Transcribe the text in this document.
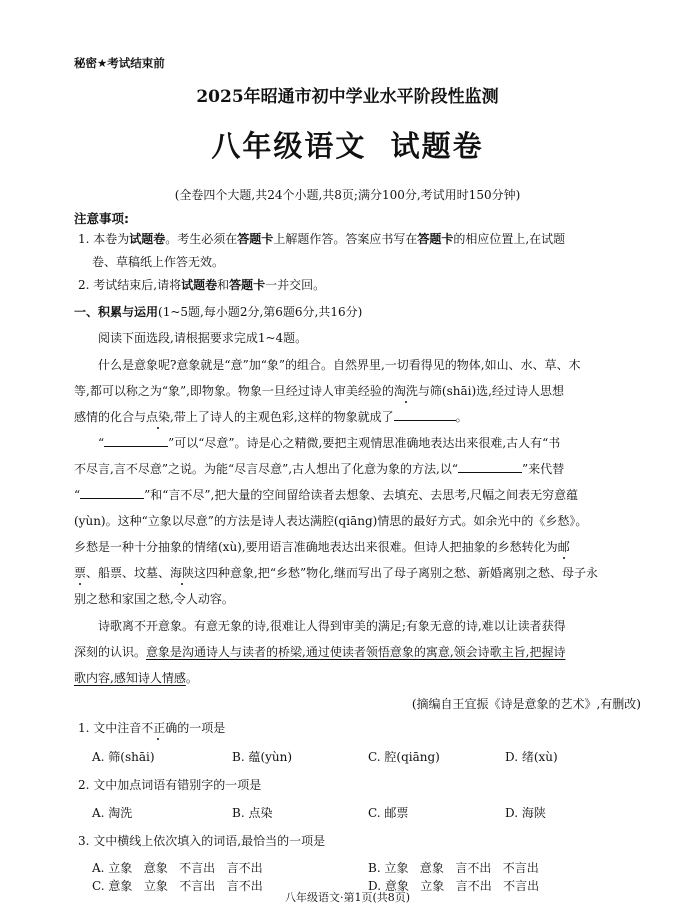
秘密★考试结束前
2025年昭通市初中学业水平阶段性监测
八年级语文  试题卷
(全卷四个大题,共24个小题,共8页;满分100分,考试用时150分钟)
注意事项:
1. 本卷为试题卷。考生必须在答题卡上解题作答。答案应书写在答题卡的相应位置上,在试题
卷、草稿纸上作答无效。
2. 考试结束后,请将试题卷和答题卡一并交回。
一、积累与运用(1~5题,每小题2分,第6题6分,共16分)
阅读下面选段,请根据要求完成1~4题。
什么是意象呢?意象就是“意”加“象”的组合。自然界里,一切看得见的物体,如山、水、草、木
等,都可以称之为“象”,即物象。物象一旦经过诗人审美经验的淘洗与筛(shāi)选,经过诗人思想
感情的化合与点染,带上了诗人的主观色彩,这样的物象就成了	。
“	”可以“尽意”。诗是心之精微,要把主观情思准确地表达出来很难,古人有“书
不尽言,言不尽意”之说。为能“尽言尽意”,古人想出了化意为象的方法,以“	”来代替
“	”和“言不尽”,把大量的空间留给读者去想象、去填充、去思考,尺幅之间表无穷意蕴
(yùn)。这种“立象以尽意”的方法是诗人表达满腔(qiāng)情思的最好方式。如余光中的《乡愁》。
乡愁是一种十分抽象的情绪(xù),要用语言准确地表达出来很难。但诗人把抽象的乡愁转化为邮
票、船票、坟墓、海陕这四种意象,把“乡愁”物化,继而写出了母子离别之愁、新婚离别之愁、母子永
别之愁和家国之愁,令人动容。
诗歌离不开意象。有意无象的诗,很难让人得到审美的满足;有象无意的诗,难以让读者获得
深刻的认识。意象是沟通诗人与读者的桥梁,通过使读者领悟意象的寓意,领会诗歌主旨,把握诗
歌内容,感知诗人情感。
(摘编自王宜振《诗是意象的艺术》,有删改)
1. 文中注音不正确的一项是
A. 筛(shāi)	B. 蕴(yùn)	C. 腔(qiāng)	D. 绪(xù)
2. 文中加点词语有错别字的一项是
A. 淘洗	B. 点染	C. 邮票	D. 海陕
3. 文中横线上依次填入的词语,最恰当的一项是
A. 立象   意象   不言出   言不出	B. 立象   意象   言不出   不言出
C. 意象   立象   不言出   言不出	D. 意象   立象   言不出   不言出
八年级语文·第1页(共8页)
